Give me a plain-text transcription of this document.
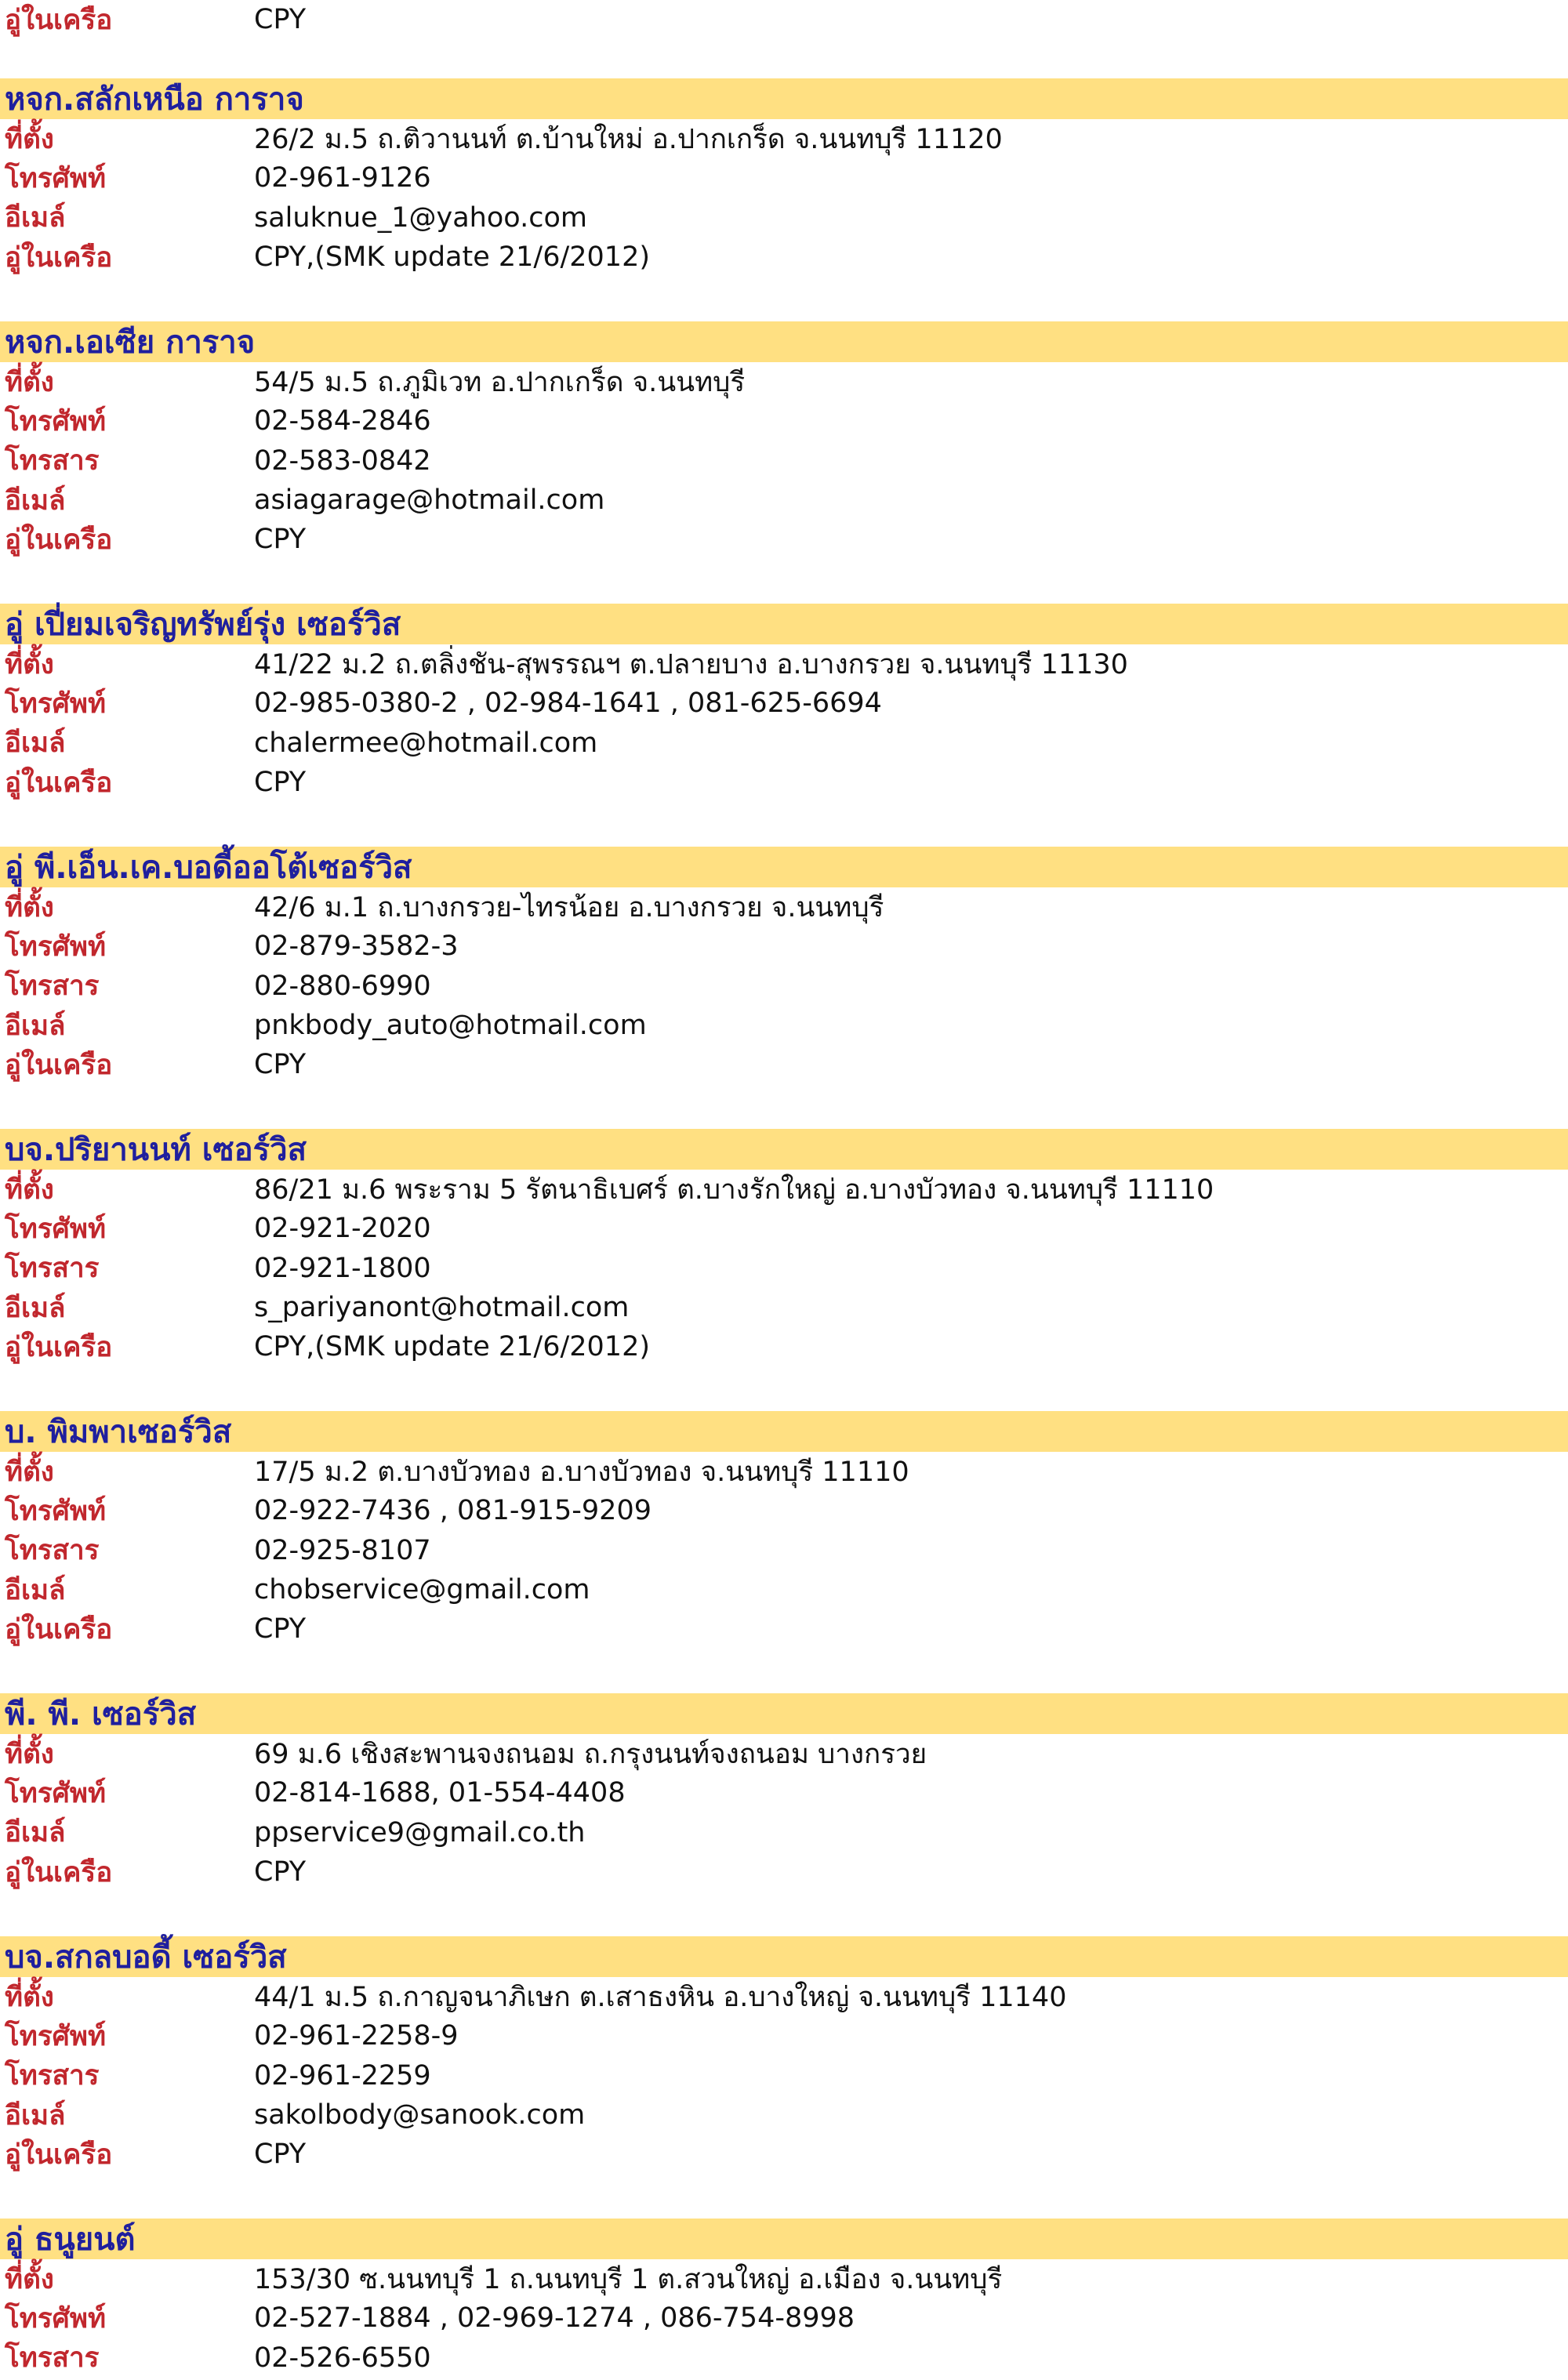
อู่ในเครือ	CPY
หจก.สลักเหนือ การาจ
ที่ตั้ง	26/2 ม.5 ถ.ติวานนท์ ต.บ้านใหม่ อ.ปากเกร็ด จ.นนทบุรี 11120
โทรศัพท์	02-961-9126
อีเมล์	saluknue_1@yahoo.com
อู่ในเครือ	CPY,(SMK update 21/6/2012)
หจก.เอเซีย การาจ
ที่ตั้ง	54/5 ม.5 ถ.ภูมิเวท อ.ปากเกร็ด จ.นนทบุรี
โทรศัพท์	02-584-2846
โทรสาร	02-583-0842
อีเมล์	asiagarage@hotmail.com
อู่ในเครือ	CPY
อู่ เปี่ยมเจริญทรัพย์รุ่ง เซอร์วิส
ที่ตั้ง	41/22 ม.2 ถ.ตลิ่งชัน-สุพรรณฯ ต.ปลายบาง อ.บางกรวย จ.นนทบุรี 11130
โทรศัพท์	02-985-0380-2 , 02-984-1641 , 081-625-6694
อีเมล์	chalermee@hotmail.com
อู่ในเครือ	CPY
อู่ พี.เอ็น.เค.บอดี้ออโต้เซอร์วิส
ที่ตั้ง	42/6 ม.1 ถ.บางกรวย-ไทรน้อย อ.บางกรวย จ.นนทบุรี
โทรศัพท์	02-879-3582-3
โทรสาร	02-880-6990
อีเมล์	pnkbody_auto@hotmail.com
อู่ในเครือ	CPY
บจ.ปริยานนท์ เซอร์วิส
ที่ตั้ง	86/21 ม.6 พระราม 5 รัตนาธิเบศร์ ต.บางรักใหญ่ อ.บางบัวทอง จ.นนทบุรี 11110
โทรศัพท์	02-921-2020
โทรสาร	02-921-1800
อีเมล์	s_pariyanont@hotmail.com
อู่ในเครือ	CPY,(SMK update 21/6/2012)
บ. พิมพาเซอร์วิส
ที่ตั้ง	17/5 ม.2 ต.บางบัวทอง อ.บางบัวทอง จ.นนทบุรี 11110
โทรศัพท์	02-922-7436 , 081-915-9209
โทรสาร	02-925-8107
อีเมล์	chobservice@gmail.com
อู่ในเครือ	CPY
พี. พี. เซอร์วิส
ที่ตั้ง	69 ม.6 เชิงสะพานจงถนอม ถ.กรุงนนท์จงถนอม บางกรวย
โทรศัพท์	02-814-1688, 01-554-4408
อีเมล์	ppservice9@gmail.co.th
อู่ในเครือ	CPY
บจ.สกลบอดี้ เซอร์วิส
ที่ตั้ง	44/1 ม.5 ถ.กาญจนาภิเษก ต.เสาธงหิน อ.บางใหญ่ จ.นนทบุรี 11140
โทรศัพท์	02-961-2258-9
โทรสาร	02-961-2259
อีเมล์	sakolbody@sanook.com
อู่ในเครือ	CPY
อู่ ธนูยนต์
ที่ตั้ง	153/30 ซ.นนทบุรี 1 ถ.นนทบุรี 1 ต.สวนใหญ่ อ.เมือง จ.นนทบุรี
โทรศัพท์	02-527-1884 , 02-969-1274 , 086-754-8998
โทรสาร	02-526-6550
